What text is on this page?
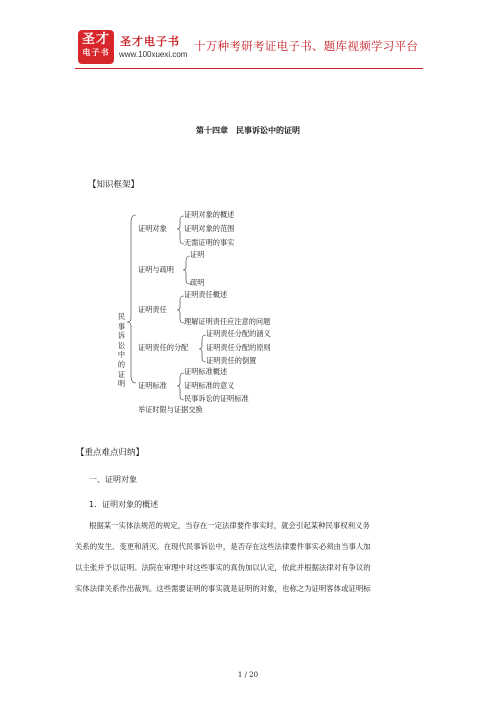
圣才
电子书
圣才电子书
www.100xuexi.com
十万种考研考证电子书、题库视频学习平台
第十四章　民事诉讼中的证明
【知识框架】
民事诉讼中的证明
证明对象
证明对象的概述
证明对象的范围
无需证明的事实
证明与疏明
证明
疏明
证明责任
证明责任概述
理解证明责任应注意的问题
证明责任的分配
证明责任分配的涵义
证明责任分配的原则
证明责任的倒置
证明标准
证明标准概述
证明标准的意义
民事诉讼的证明标准
举证时限与证据交换
【重点难点归纳】
一、证明对象
1．证明对象的概述
根据某一实体法规范的规定，当存在一定法律要件事实时，就会引起某种民事权利义务
关系的发生、变更和消灭。在现代民事诉讼中，是否存在这些法律要件事实必须由当事人加
以主张并予以证明。法院在审理中对这些事实的真伪加以认定，依此并根据法律对有争议的
实体法律关系作出裁判。这些需要证明的事实就是证明的对象，也称之为证明客体或证明标
1 / 20
